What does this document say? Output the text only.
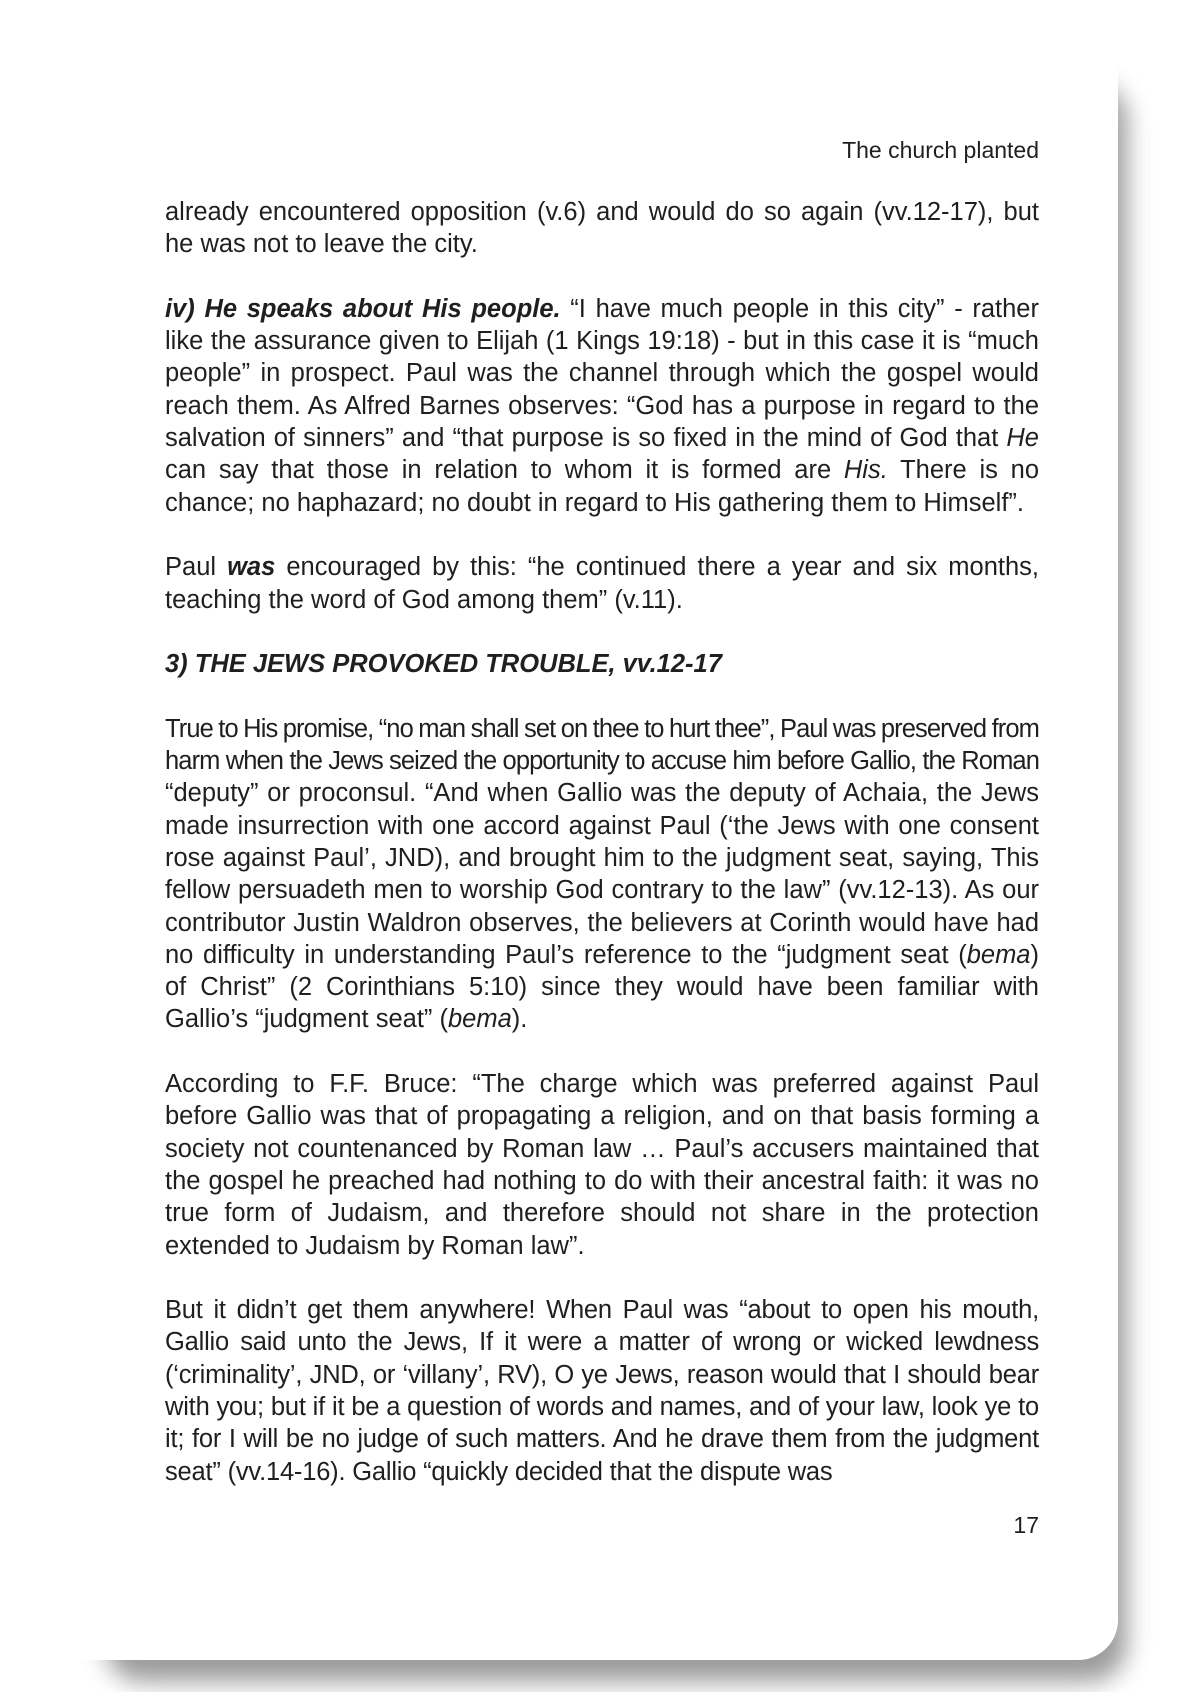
The church planted

already encountered opposition (v.6) and would do so again (vv.12-17), but he was not to leave the city.

iv) He speaks about His people. “I have much people in this city” - rather like the assurance given to Elijah (1 Kings 19:18) - but in this case it is “much people” in prospect. Paul was the channel through which the gospel would reach them. As Alfred Barnes observes: “God has a purpose in regard to the salvation of sinners” and “that purpose is so fixed in the mind of God that He can say that those in relation to whom it is formed are His. There is no chance; no haphazard; no doubt in regard to His gathering them to Himself”.

Paul was encouraged by this: “he continued there a year and six months, teaching the word of God among them” (v.11).

3) THE JEWS PROVOKED TROUBLE, vv.12-17

True to His promise, “no man shall set on thee to hurt thee”, Paul was preserved from
harm when the Jews seized the opportunity to accuse him before Gallio, the Roman
“deputy” or proconsul. “And when Gallio was the deputy of Achaia, the Jews made insurrection with one accord against Paul (‘the Jews with one consent rose against Paul’, JND), and brought him to the judgment seat, saying, This fellow persuadeth men to worship God contrary to the law” (vv.12-13). As our contributor Justin Waldron observes, the believers at Corinth would have had no difficulty in understanding Paul’s reference to the “judgment seat (bema) of Christ” (2 Corinthians 5:10) since they would have been familiar with Gallio’s “judgment seat” (bema).

According to F.F. Bruce: “The charge which was preferred against Paul before Gallio was that of propagating a religion, and on that basis forming a society not countenanced by Roman law … Paul’s accusers maintained that the gospel he preached had nothing to do with their ancestral faith: it was no true form of Judaism, and therefore should not share in the protection extended to Judaism by Roman law”.

But it didn’t get them anywhere! When Paul was “about to open his mouth, Gallio said unto the Jews, If it were a matter of wrong or wicked lewdness (‘criminality’, JND, or ‘villany’, RV), O ye Jews, reason would that I should bear with you; but if it be a question of words and names, and of your law, look ye to it; for I will be no judge of such matters. And he drave them from the judgment seat” (vv.14-16). Gallio “quickly decided that the dispute was

17
